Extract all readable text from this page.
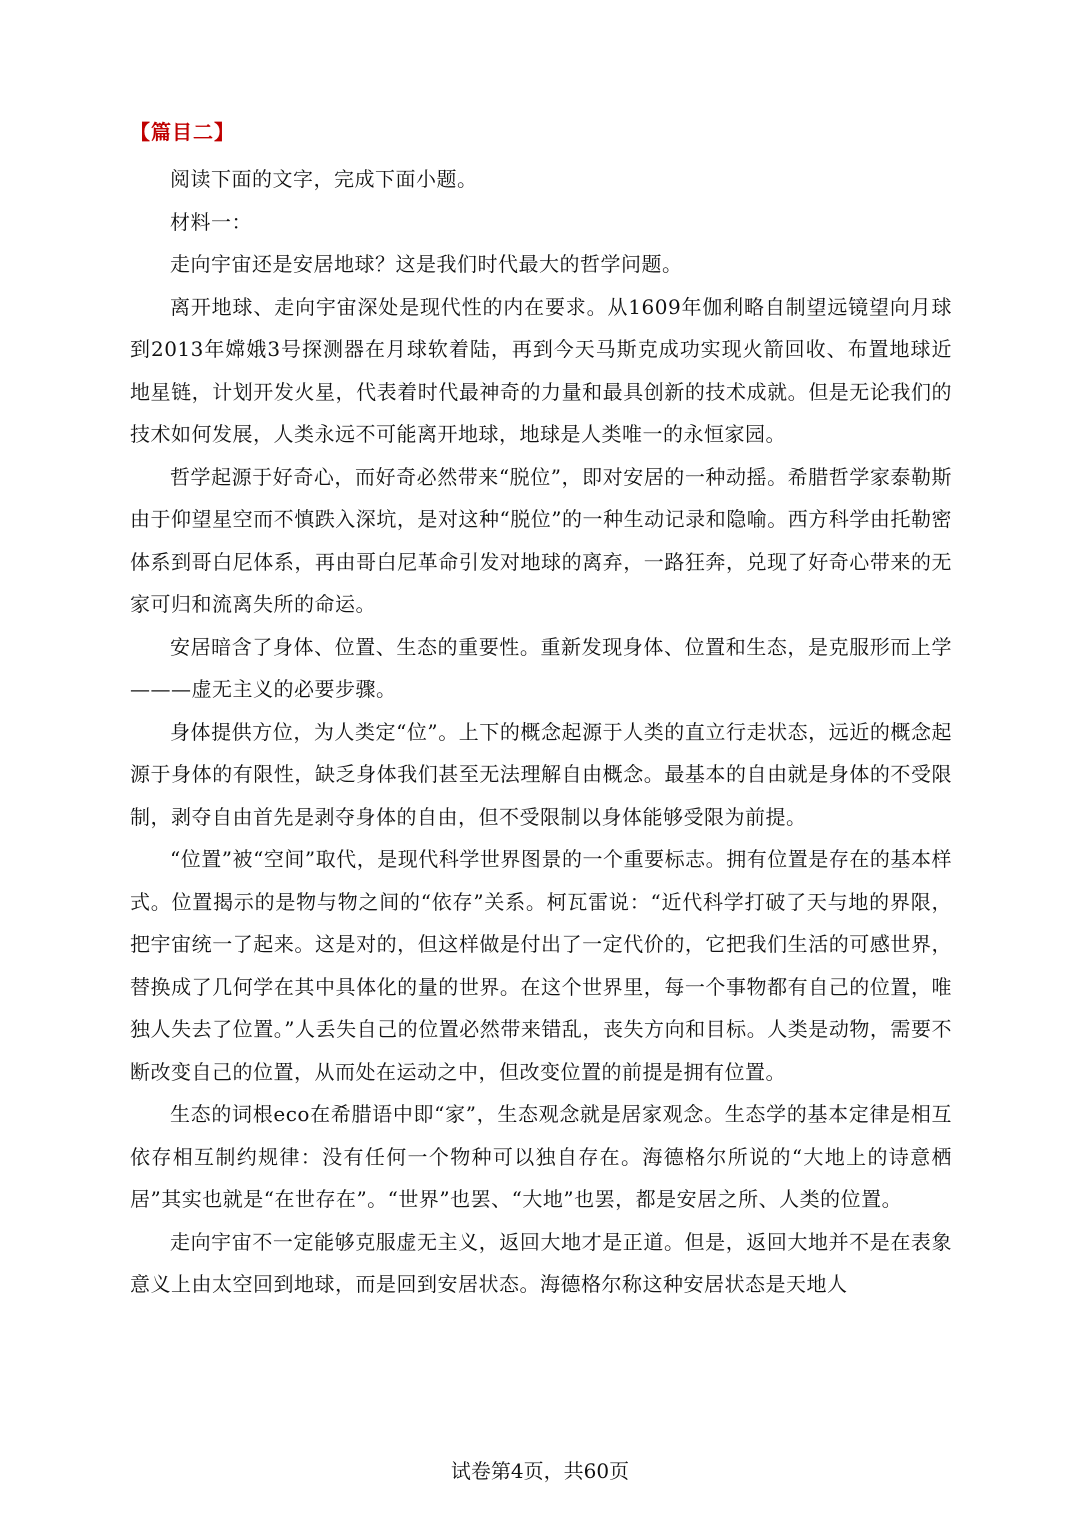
【篇目二】

阅读下面的文字，完成下面小题。

材料一：

走向宇宙还是安居地球？这是我们时代最大的哲学问题。

离开地球、走向宇宙深处是现代性的内在要求。从1609年伽利略自制望远镜望向月球到2013年嫦娥3号探测器在月球软着陆，再到今天马斯克成功实现火箭回收、布置地球近地星链，计划开发火星，代表着时代最神奇的力量和最具创新的技术成就。但是无论我们的技术如何发展，人类永远不可能离开地球，地球是人类唯一的永恒家园。

哲学起源于好奇心，而好奇必然带来“脱位”，即对安居的一种动摇。希腊哲学家泰勒斯由于仰望星空而不慎跌入深坑，是对这种“脱位”的一种生动记录和隐喻。西方科学由托勒密体系到哥白尼体系，再由哥白尼革命引发对地球的离弃，一路狂奔，兑现了好奇心带来的无家可归和流离失所的命运。

安居暗含了身体、位置、生态的重要性。重新发现身体、位置和生态，是克服形而上学———虚无主义的必要步骤。

身体提供方位，为人类定“位”。上下的概念起源于人类的直立行走状态，远近的概念起源于身体的有限性，缺乏身体我们甚至无法理解自由概念。最基本的自由就是身体的不受限制，剥夺自由首先是剥夺身体的自由，但不受限制以身体能够受限为前提。

“位置”被“空间”取代，是现代科学世界图景的一个重要标志。拥有位置是存在的基本样式。位置揭示的是物与物之间的“依存”关系。柯瓦雷说：“近代科学打破了天与地的界限，把宇宙统一了起来。这是对的，但这样做是付出了一定代价的，它把我们生活的可感世界，替换成了几何学在其中具体化的量的世界。在这个世界里，每一个事物都有自己的位置，唯独人失去了位置。”人丢失自己的位置必然带来错乱，丧失方向和目标。人类是动物，需要不断改变自己的位置，从而处在运动之中，但改变位置的前提是拥有位置。

生态的词根eco在希腊语中即“家”，生态观念就是居家观念。生态学的基本定律是相互依存相互制约规律：没有任何一个物种可以独自存在。海德格尔所说的“大地上的诗意栖居”其实也就是“在世存在”。“世界”也罢、“大地”也罢，都是安居之所、人类的位置。

走向宇宙不一定能够克服虚无主义，返回大地才是正道。但是，返回大地并不是在表象意义上由太空回到地球，而是回到安居状态。海德格尔称这种安居状态是天地人

试卷第4页，共60页
